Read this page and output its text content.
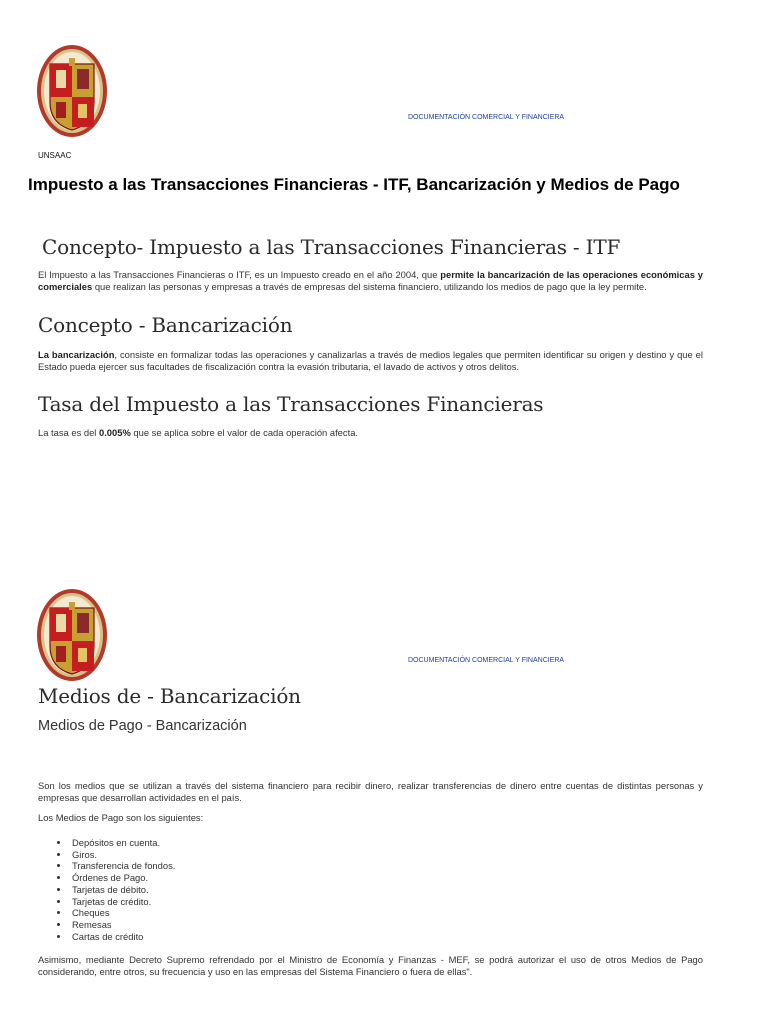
DOCUMENTACIÓN COMERCIAL Y FINANCIERA
UNSAAC
Impuesto a las Transacciones Financieras - ITF, Bancarización y Medios de Pago
Concepto- Impuesto a las Transacciones Financieras - ITF
El Impuesto a las Transacciones Financieras o ITF, es un Impuesto creado en el año 2004, que permite la bancarización de las operaciones económicas y comerciales que realizan las personas y empresas a través de empresas del sistema financiero, utilizando los medios de pago que la ley permite.
Concepto - Bancarización
La bancarización, consiste en formalizar todas las operaciones y canalizarlas a través de medios legales que permiten identificar su origen y destino y que el Estado pueda ejercer sus facultades de fiscalización contra la evasión tributaria, el lavado de activos y otros delitos.
Tasa del Impuesto a las Transacciones Financieras
La tasa es del 0.005% que se aplica sobre el valor de cada operación afecta.
DOCUMENTACIÓN COMERCIAL Y FINANCIERA
Medios de - Bancarización
Medios de Pago - Bancarización
Son los medios que se utilizan a través del sistema financiero para recibir dinero, realizar transferencias de dinero entre cuentas de distintas personas y empresas que desarrollan actividades en el país.
Los Medios de Pago son los siguientes:
• Depósitos en cuenta.
• Giros.
• Transferencia de fondos.
• Órdenes de Pago.
• Tarjetas de débito.
• Tarjetas de crédito.
• Cheques
• Remesas
• Cartas de crédito
Asimismo, mediante Decreto Supremo refrendado por el Ministro de Economía y Finanzas - MEF, se podrá autorizar el uso de otros Medios de Pago considerando, entre otros, su frecuencia y uso en las empresas del Sistema Financiero o fuera de ellas".
